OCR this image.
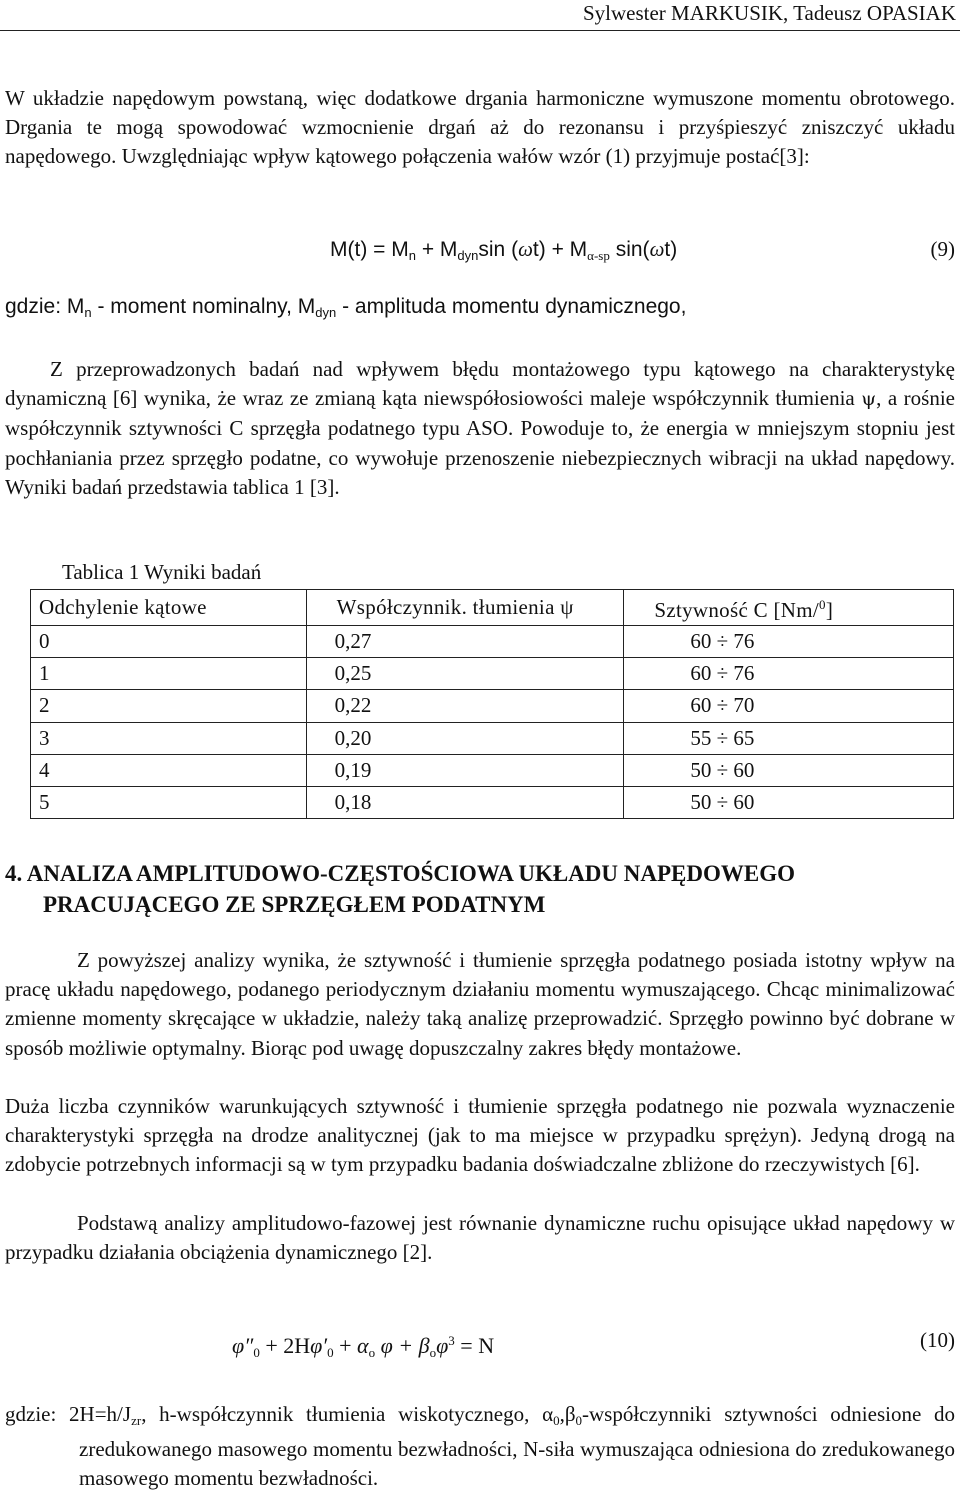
Sylwester MARKUSIK, Tadeusz OPASIAK

W układzie napędowym powstaną, więc dodatkowe drgania harmoniczne wymuszone momentu obrotowego. Drgania te mogą spowodować wzmocnienie drgań aż do rezonansu i przyśpieszyć zniszczyć układu napędowego. Uwzględniając wpływ kątowego połączenia wałów wzór (1) przyjmuje postać[3]:

$M(t) = M_n + M_{dyn}\sin$ $(\omega t) + M_{\alpha-sp}$ sin(ωt)	(9)
gdzie: $M_n$ - moment nominalny, $M_{dyn}$ - amplituda momentu dynamicznego,

Z przeprowadzonych badań nad wpływem błędu montażowego typu kątowego na charakterystykę dynamiczną [6] wynika, że wraz ze zmianą kąta niewspółosiowości maleje współczynnik tłumienia ψ, a rośnie współczynnik sztywności C sprzęgła podatnego typu ASO. Powoduje to, że energia w mniejszym stopniu jest pochłaniania przez sprzęgło podatne, co wywołuje przenoszenie niebezpiecznych wibracji na układ napędowy. Wyniki badań przedstawia tablica 1 [3].

Tablica 1 Wyniki badań
Odchylenie kątowe	Współczynnik. tłumienia ψ	Sztywność C [Nm/$^0$]
0	0,27	60 ÷ 76
1	0,25	60 ÷ 76
2	0,22	60 ÷ 70
3	0,20	55 ÷ 65
4	0,19	50 ÷ 60
5	0,18	50 ÷ 60
4. ANALIZA AMPLITUDOWO-CZĘSTOŚCIOWA UKŁADU NAPĘDOWEGO
PRACUJĄCEGO ZE SPRZĘGŁEM PODATNYM

Z powyższej analizy wynika, że sztywność i tłumienie sprzęgła podatnego posiada istotny wpływ na pracę układu napędowego, podanego periodycznym działaniu momentu wymuszającego. Chcąc minimalizować zmienne momenty skręcające w układzie, należy taką analizę przeprowadzić. Sprzęgło powinno być dobrane w sposób możliwie optymalny. Biorąc pod uwagę dopuszczalny zakres błędy montażowe.

Duża liczba czynników warunkujących sztywność i tłumienie sprzęgła podatnego nie pozwala wyznaczenie charakterystyki sprzęgła na drodze analitycznej (jak to ma miejsce w przypadku sprężyn). Jedyną drogą na zdobycie potrzebnych informacji są w tym przypadku badania doświadczalne zbliżone do rzeczywistych [6].

Podstawą analizy amplitudowo-fazowej jest równanie dynamiczne ruchu opisujące układ napędowy w przypadku działania obciążenia dynamicznego [2].

$\varphi''_0 + 2H\varphi'_0 + \alpha_o$ $\varphi + \beta_o\varphi^3 = N$	(10)
gdzie: $2H=h/J_{zr}$, h-współczynnik tłumienia wiskotycznego, $\alpha_0,\beta_0$-współczynniki sztywności odniesione do zredukowanego masowego momentu bezwładności, N-siła wymuszająca odniesiona do zredukowanego masowego momentu bezwładności.
